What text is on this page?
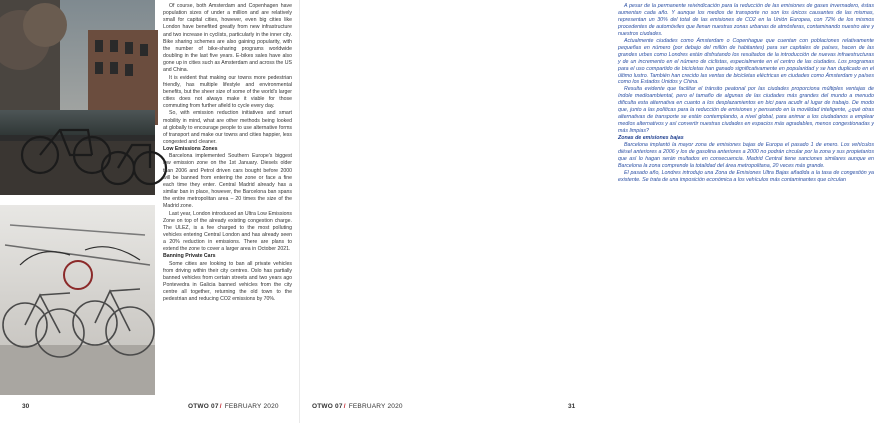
Of course, both Amsterdam and Copenhagen have population sizes of under a million and are relatively small for capital cities, however, even big cities like London have benefited greatly from new infrastructure and two increase in cyclists, particularly in the inner city. Bike sharing schemes are also gaining popularity, with the number of bike-sharing programs worldwide doubling in the last five years. E-bikes sales have also gone up in cities such as Amsterdam and across the US and China.

It is evident that making our towns more pedestrian friendly, has multiple lifestyle and environmental benefits, but the sheer size of some of the world's larger cities does not always make it viable for those commuting from further afield to cycle every day.

So, with emission reduction initiatives and smart mobility in mind, what are other methods being looked at globally to encourage people to use alternative forms of transport and make our towns and cities happier, less congested and cleaner.

Low Emissions Zones

Barcelona implemented Southern Europe's biggest low emission zone on the 1st January. Diesels older than 2006 and Petrol driven cars bought before 2000 will be banned from entering the zone or face a fine each time they enter. Central Madrid already has a similar ban in place, however, the Barcelona ban spans the entire metropolitan area – 20 times the size of the Madrid zone.

Last year, London introduced an Ultra Low Emissions Zone on top of the already existing congestion charge. The ULEZ, is a fee charged to the most polluting vehicles entering Central London and has already seen a 20% reduction in emissions. There are plans to extend the zone to cover a larger area in October 2021.

Banning Private Cars

Some cities are looking to ban all private vehicles from driving within their city centres. Oslo has partially banned vehicles from certain streets and two years ago Pontevedra in Galicia banned vehicles from the city centre all together, returning the old town to the pedestrian and reducing CO2 emissions by 70%.

30	OTWO 07/ FEBRUARY 2020

A pesar de la permanente reivindicación para la reducción de las emisiones de gases invernadero, éstas aumentan cada año. Y aunque los medios de transporte no son los únicos causantes de las mismas, representan un 30% del total de las emisiones de CO2 en la Unión Europea, con 72% de los mismos procedentes de automóviles que llenan nuestras zonas urbanas de atmósferas, contaminando nuestro aire y nuestros ciudades.

Actualmente ciudades como Ámsterdam o Copenhague que cuentan con poblaciones relativamente pequeñas en número (por debajo del millón de habitantes) para ser capitales de países, hacen de las grandes urbes como Londres están disfrutando los resultados de la introducción de nuevas infraestructuras y de un incremento en el número de ciclistas, especialmente en el centro de las ciudades. Los programas para el uso compartido de bicicletas han ganado significativamente en popularidad y se han duplicado en el último lustro. También han crecido las ventas de bicicletas eléctricas en ciudades como Ámsterdam y países como los Estados Unidos y China.

Resulta evidente que facilitar el tránsito peatonal por las ciudades proporciona múltiples ventajas de índole medioambiental, pero el tamaño de algunas de las ciudades más grandes del mundo a menudo dificulta esta alternativa en cuanto a los desplazamientos en bici para acudir al lugar de trabajo. De modo que, junto a las políticas para la reducción de emisiones y pensando en la movilidad inteligente, ¿qué otras alternativas de transporte se están contemplando, a nivel global, para animar a los ciudadanos a emplear medios alternativos y así convertir nuestras ciudades en espacios más agradables, menos congestionadas y más limpias?

Zonas de emisiones bajas

Barcelona implantó la mayor zona de emisiones bajas de Europa el pasado 1 de enero. Los vehículos diésel anteriores a 2006 y los de gasolina anteriores a 2000 no podrán circular por la zona y sus propietarios que así lo hagan serán multados en consecuencia. Madrid Central tiene sanciones similares aunque en Barcelona la zona comprende la totalidad del área metropolitana, 20 veces más grande.

El pasado año, Londres introdujo una Zona de Emisiones Ultra Bajas añadida a la tasa de congestión ya existente. Se trata de una imposición económica a los vehículos más contaminantes que circulan

OTWO 07/ FEBRUARY 2020	31
